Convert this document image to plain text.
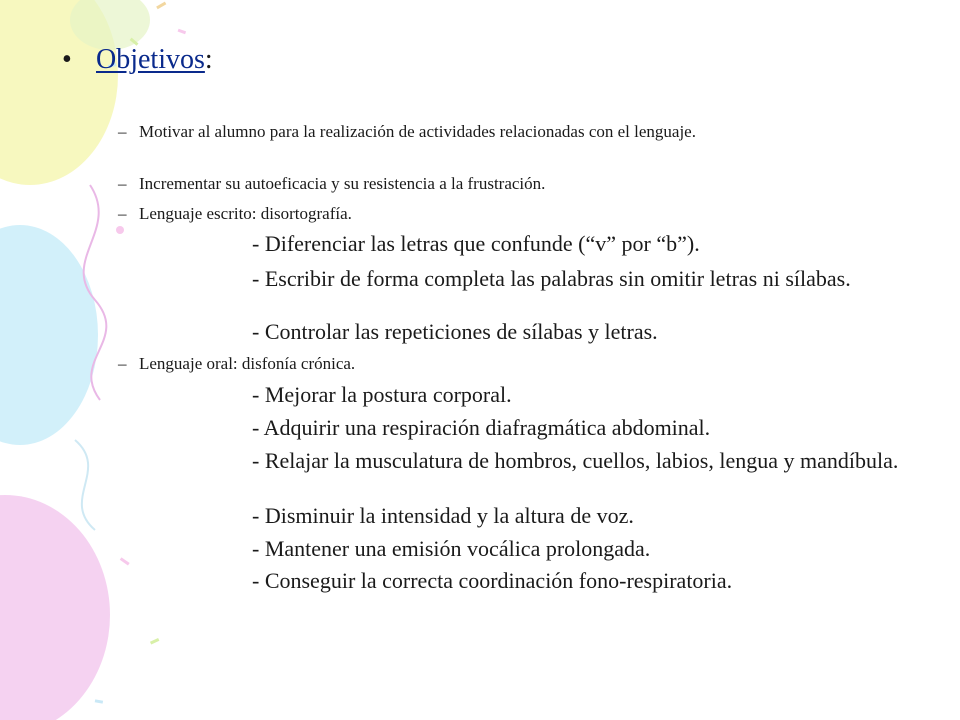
• Objetivos:
– Motivar al alumno para la realización de actividades relacionadas con el lenguaje.
– Incrementar su autoeficacia y su resistencia a la frustración.
– Lenguaje escrito: disortografía.
- Diferenciar las letras que confunde (“v” por “b”).
- Escribir de forma completa las palabras sin omitir letras ni sílabas.
- Controlar las repeticiones de sílabas y letras.
– Lenguaje oral: disfonía crónica.
- Mejorar la postura corporal.
- Adquirir una respiración diafragmática abdominal.
- Relajar la musculatura de hombros, cuellos, labios, lengua y mandíbula.
- Disminuir la intensidad y la altura de voz.
- Mantener una emisión vocálica prolongada.
- Conseguir la correcta coordinación fono-respiratoria.
